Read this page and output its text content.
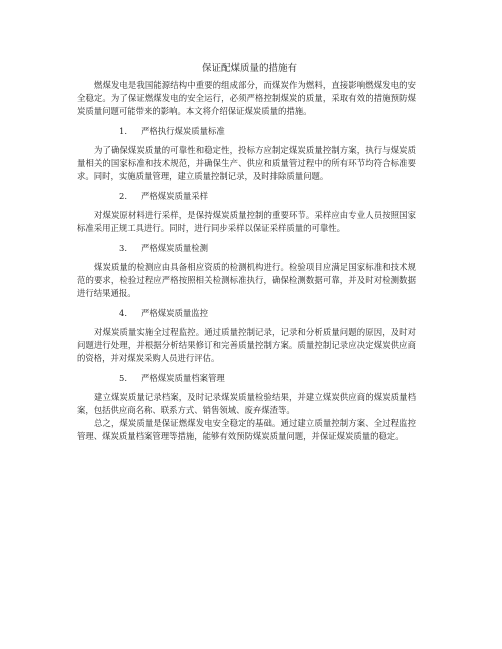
保证配煤质量的措施有

燃煤发电是我国能源结构中重要的组成部分，而煤炭作为燃料，直接影响燃煤发电的安全稳定。为了保证燃煤发电的安全运行，必须严格控制煤炭的质量，采取有效的措施预防煤炭质量问题可能带来的影响。本文将介绍保证煤炭质量的措施。

1. 严格执行煤炭质量标准

为了确保煤炭质量的可靠性和稳定性，投标方应制定煤炭质量控制方案，执行与煤炭质量相关的国家标准和技术规范，并确保生产、供应和质量管过程中的所有环节均符合标准要求。同时，实施质量管理，建立质量控制记录，及时排除质量问题。

2. 严格煤炭质量采样

对煤炭原材料进行采样，是保持煤炭质量控制的重要环节。采样应由专业人员按照国家标准采用正规工具进行。同时，进行同步采样以保证采样质量的可靠性。

3. 严格煤炭质量检测

煤炭质量的检测应由具备相应资质的检测机构进行。检验项目应满足国家标准和技术规范的要求，检验过程应严格按照相关检测标准执行，确保检测数据可靠，并及时对检测数据进行结果通报。

4. 严格煤炭质量监控

对煤炭质量实施全过程监控。通过质量控制记录，记录和分析质量问题的原因，及时对问题进行处理，并根据分析结果修订和完善质量控制方案。质量控制记录应决定煤炭供应商的资格，并对煤炭采购人员进行评估。

5. 严格煤炭质量档案管理

建立煤炭质量记录档案，及时记录煤炭质量检验结果，并建立煤炭供应商的煤炭质量档案，包括供应商名称、联系方式、销售领域、废弃煤渣等。

总之，煤炭质量是保证燃煤发电安全稳定的基础。通过建立质量控制方案、全过程监控管理、煤炭质量档案管理等措施，能够有效预防煤炭质量问题，并保证煤炭质量的稳定。
